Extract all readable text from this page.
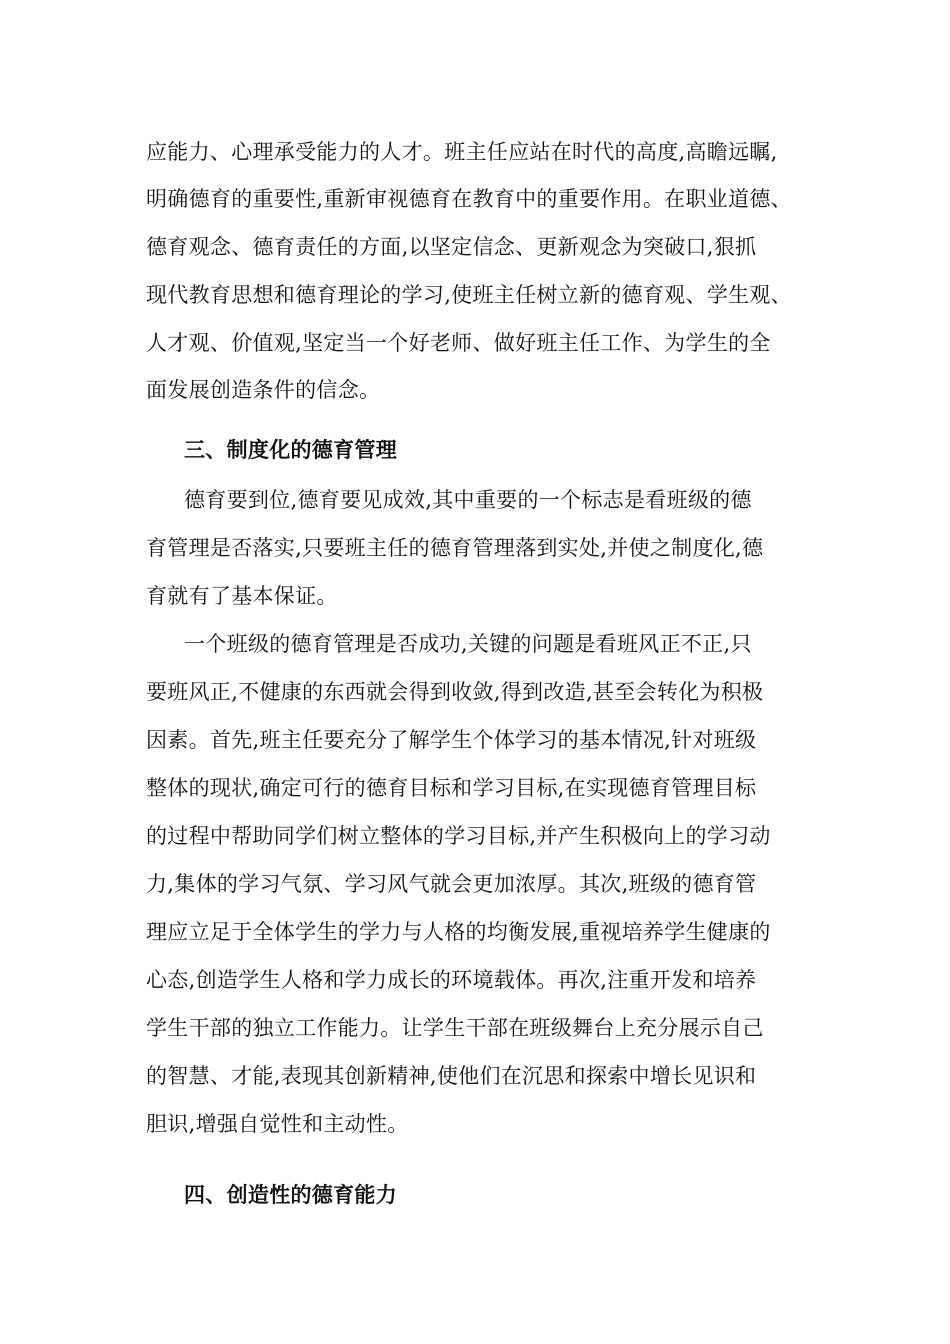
应能力、心理承受能力的人才。班主任应站在时代的高度,高瞻远瞩,
明确德育的重要性,重新审视德育在教育中的重要作用。在职业道德、
德育观念、德育责任的方面,以坚定信念、更新观念为突破口,狠抓
现代教育思想和德育理论的学习,使班主任树立新的德育观、学生观、
人才观、价值观,坚定当一个好老师、做好班主任工作、为学生的全
面发展创造条件的信念。
三、制度化的德育管理
德育要到位,德育要见成效,其中重要的一个标志是看班级的德
育管理是否落实,只要班主任的德育管理落到实处,并使之制度化,德
育就有了基本保证。
一个班级的德育管理是否成功,关键的问题是看班风正不正,只
要班风正,不健康的东西就会得到收敛,得到改造,甚至会转化为积极
因素。首先,班主任要充分了解学生个体学习的基本情况,针对班级
整体的现状,确定可行的德育目标和学习目标,在实现德育管理目标
的过程中帮助同学们树立整体的学习目标,并产生积极向上的学习动
力,集体的学习气氛、学习风气就会更加浓厚。其次,班级的德育管
理应立足于全体学生的学力与人格的均衡发展,重视培养学生健康的
心态,创造学生人格和学力成长的环境载体。再次,注重开发和培养
学生干部的独立工作能力。让学生干部在班级舞台上充分展示自己
的智慧、才能,表现其创新精神,使他们在沉思和探索中增长见识和
胆识,增强自觉性和主动性。
四、创造性的德育能力
